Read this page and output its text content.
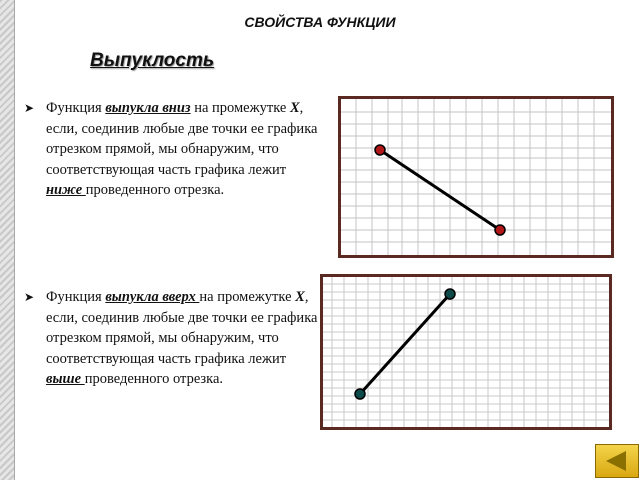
СВОЙСТВА ФУНКЦИИ
Выпуклость
➤ Функция выпукла вниз на промежутке X, если, соединив любые две точки ее графика отрезком прямой, мы обнаружим, что соответствующая часть графика лежит ниже проведенного отрезка.
➤ Функция выпукла вверх на промежутке X, если, соединив любые две точки ее графика отрезком прямой, мы обнаружим, что соответствующая часть графика лежит выше проведенного отрезка.
